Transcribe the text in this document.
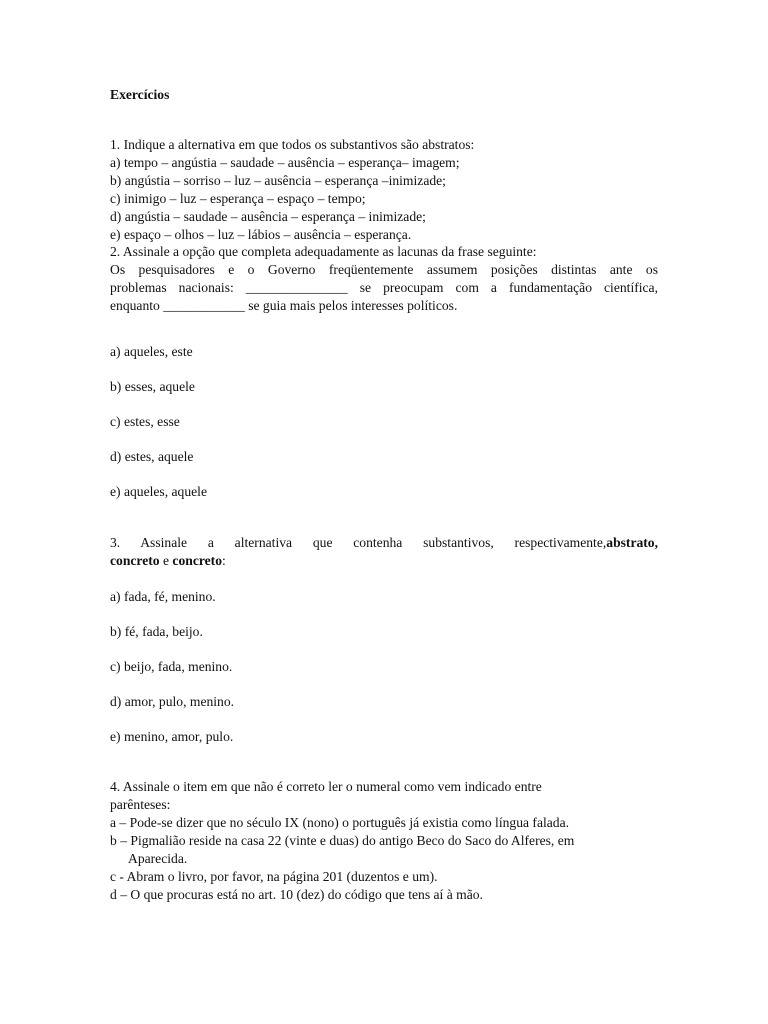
Exercícios
1. Indique a alternativa em que todos os substantivos são abstratos:
a) tempo – angústia – saudade – ausência – esperança– imagem;
b) angústia – sorriso – luz – ausência – esperança –inimizade;
c) inimigo – luz – esperança – espaço – tempo;
d) angústia – saudade – ausência – esperança – inimizade;
e) espaço – olhos – luz – lábios – ausência – esperança.
2. Assinale a opção que completa adequadamente as lacunas da frase seguinte:
Os pesquisadores e o Governo freqüentemente assumem posições distintas ante os
problemas nacionais: _______________ se preocupam com a fundamentação científica,
enquanto ____________ se guia mais pelos interesses políticos.
a) aqueles, este
b) esses, aquele
c) estes, esse
d) estes, aquele
e) aqueles, aquele
3. Assinale a alternativa que contenha substantivos, respectivamente,abstrato,
concreto e concreto:
a) fada, fé, menino.
b) fé, fada, beijo.
c) beijo, fada, menino.
d) amor, pulo, menino.
e) menino, amor, pulo.
4. Assinale o item em que não é correto ler o numeral como vem indicado entre
parênteses:
a – Pode-se dizer que no século IX (nono) o português já existia como língua falada.
b – Pigmalião reside na casa 22 (vinte e duas) do antigo Beco do Saco do Alferes, em
Aparecida.
c - Abram o livro, por favor, na página 201 (duzentos e um).
d – O que procuras está no art. 10 (dez) do código que tens aí à mão.
